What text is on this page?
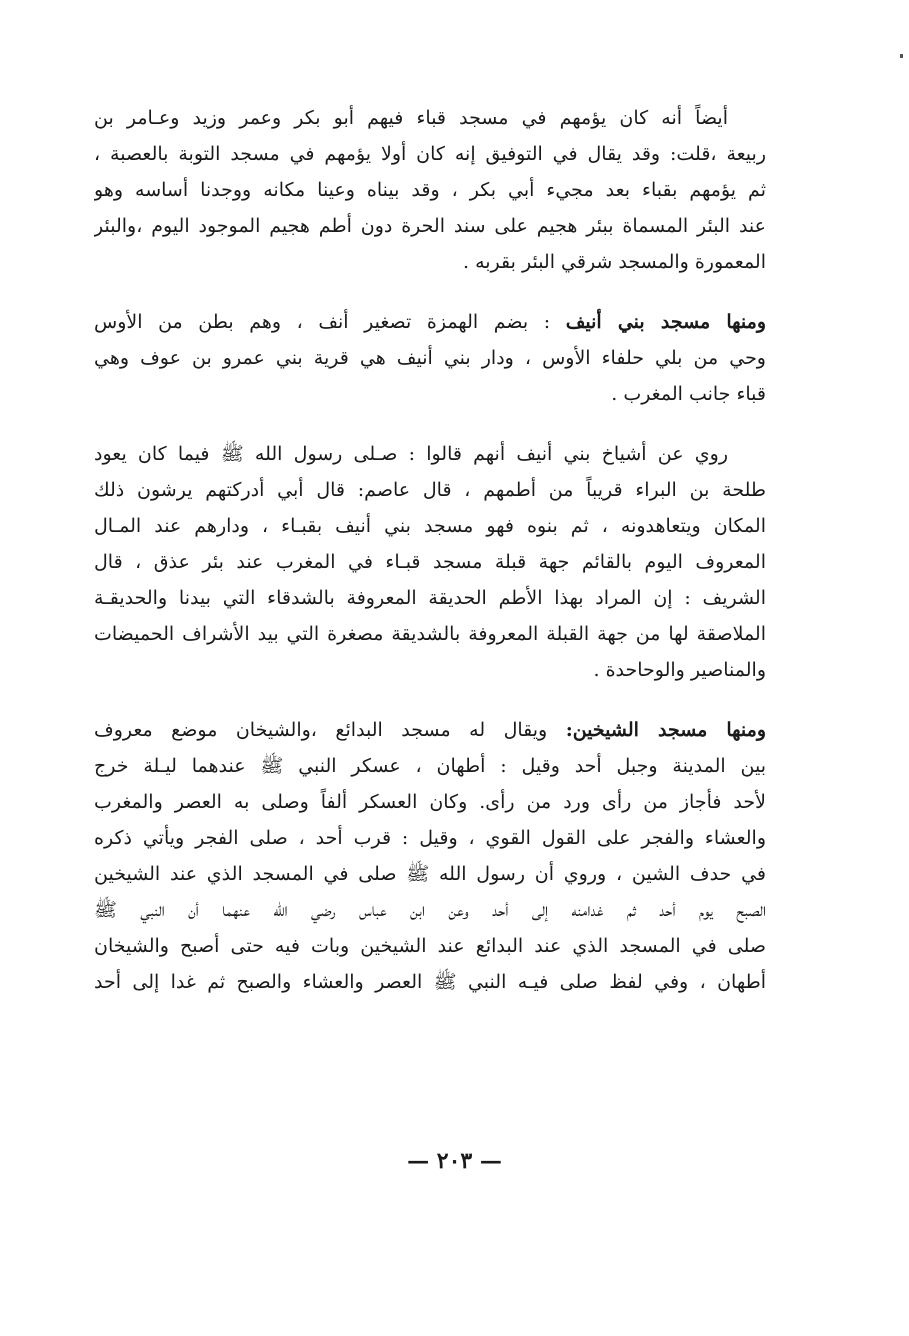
أيضاً أنه كان يؤمهم في مسجد قباء فيهم أبو بكر وعمر وزيد وعـامر بن
ربيعة ،قلت: وقد يقال في التوفيق إنه كان أولا يؤمهم في مسجد التوبة بالعصبة ،
ثم يؤمهم بقباء بعد مجيء أبي بكر ، وقد بيناه وعينا مكانه ووجدنا أساسه وهو
عند البئر المسماة ببئر هجيم على سند الحرة دون أطم هجيم الموجود اليوم ،والبئر
المعمورة والمسجد شرقي البئر بقربه .
ومنها مسجد بني أنيف : بضم الهمزة تصغير أنف ، وهم بطن من الأوس
وحي من بلي حلفاء الأوس ، ودار بني أنيف هي قرية بني عمرو بن عوف وهي
قباء جانب المغرب .
روي عن أشياخ بني أنيف أنهم قالوا : صـلى رسول الله ﷺ فيما كان يعود
طلحة بن البراء قريباً من أطمهم ، قال عاصم: قال أبي أدركتهم يرشون ذلك
المكان ويتعاهدونه ، ثم بنوه فهو مسجد بني أنيف بقبـاء ، ودارهم عند المـال
المعروف اليوم بالقائم جهة قبلة مسجد قبـاء في المغرب عند بئر عذق ، قال
الشريف : إن المراد بهذا الأطم الحديقة المعروفة بالشدقاء التي بيدنا والحديقـة
الملاصقة لها من جهة القبلة المعروفة بالشديقة مصغرة التي بيد الأشراف الحميضات
والمناصير والوحاحدة .
ومنها مسجد الشيخين: ويقال له مسجد البدائع ،والشيخان موضع معروف
بين المدينة وجبل أحد وقيل : أطهان ، عسكر النبي ﷺ عندهما ليـلة خرج
لأحد فأجاز من رأى ورد من رأى. وكان العسكر ألفاً وصلى به العصر والمغرب
والعشاء والفجر على القول القوي ، وقيل : قرب أحد ، صلى الفجر ويأتي ذكره
في حدف الشين ، وروي أن رسول الله ﷺ صلى في المسجد الذي عند الشيخين
الصبح يوم أحد ثم غدامنه إلى أحد وعن ابن عباس رضي الله عنهما أن النبي ﷺ
صلى في المسجد الذي عند البدائع عند الشيخين وبات فيه حتى أصبح والشيخان
أطهان ، وفي لفظ صلى فيـه النبي ﷺ العصر والعشاء والصبح ثم غدا إلى أحد
— ٢٠٣ —
